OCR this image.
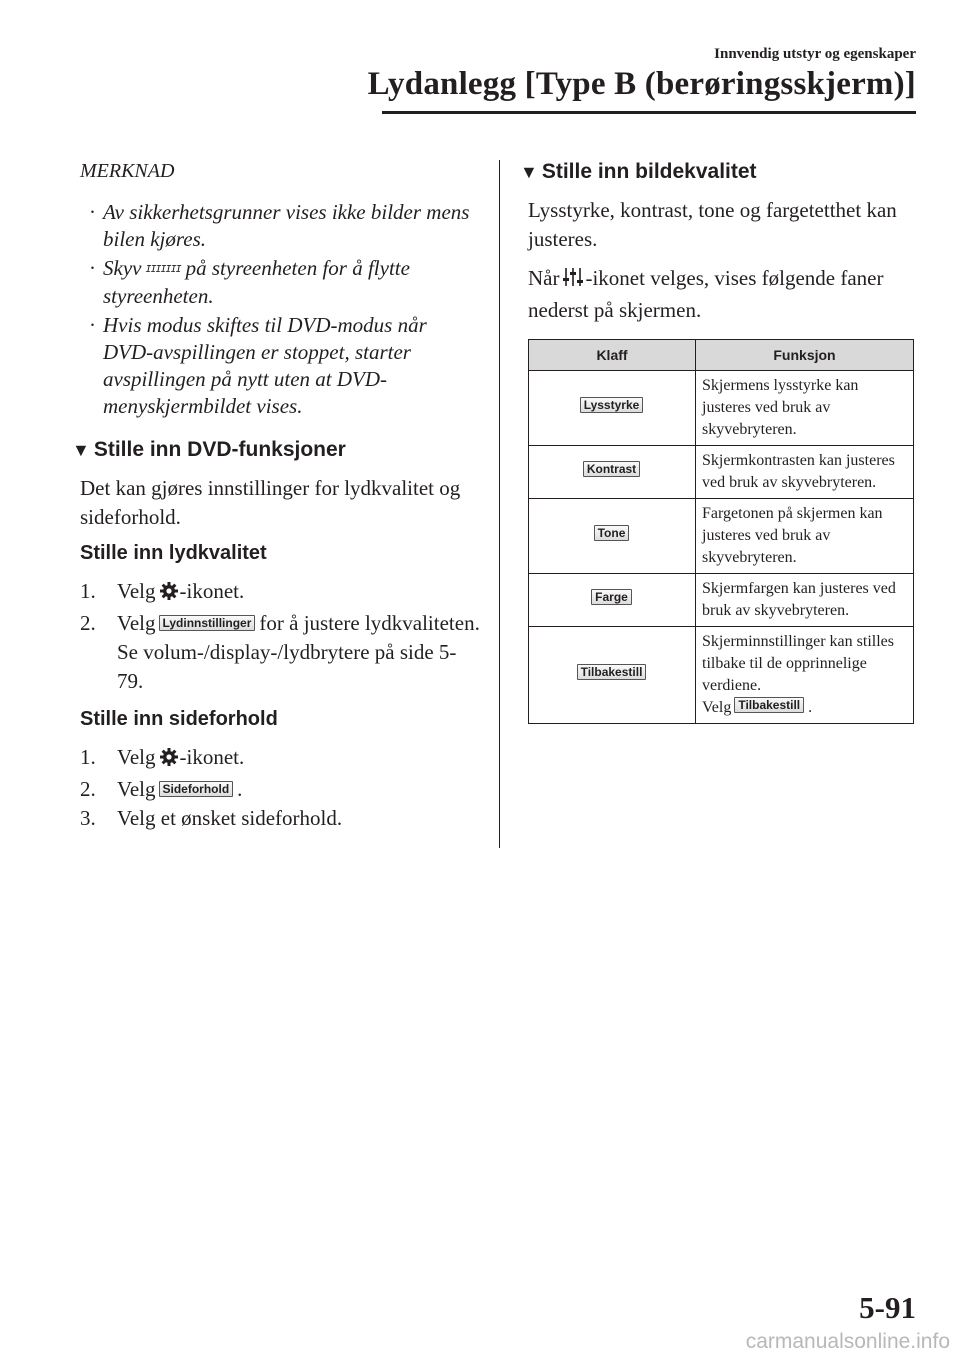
Innvendig utstyr og egenskaper
Lydanlegg [Type B (berøringsskjerm)]
MERKNAD
· Av sikkerhetsgrunner vises ikke bilder mens bilen kjøres.
· Skyv IIIIIII på styreenheten for å flytte styreenheten.
· Hvis modus skiftes til DVD-modus når DVD-avspillingen er stoppet, starter avspillingen på nytt uten at DVD-menyskjermbildet vises.
▼ Stille inn DVD-funksjoner

Det kan gjøres innstillinger for lydkvalitet og sideforhold.

Stille inn lydkvalitet
1. Velg -ikonet.
2. Velg Lydinnstillinger for å justere lydkvaliteten.
Se volum-/display-/lydbrytere på side 5-79.
Stille inn sideforhold
1. Velg -ikonet.
2. Velg Sideforhold .
3. Velg et ønsket sideforhold.
▼ Stille inn bildekvalitet

Lysstyrke, kontrast, tone og fargetetthet kan justeres.

Når -ikonet velges, vises følgende faner nederst på skjermen.

Klaff	Funksjon
Lysstyrke	Skjermens lysstyrke kan justeres ved bruk av skyvebryteren.
Kontrast	Skjermkontrasten kan justeres ved bruk av skyvebryteren.
Tone	Fargetonen på skjermen kan justeres ved bruk av skyvebryteren.
Farge	Skjermfargen kan justeres ved bruk av skyvebryteren.
Tilbakestill	Skjerminnstillinger kan stilles tilbake til de opprinnelige verdiene.
Velg Tilbakestill .
5-91
carmanualsonline.info
